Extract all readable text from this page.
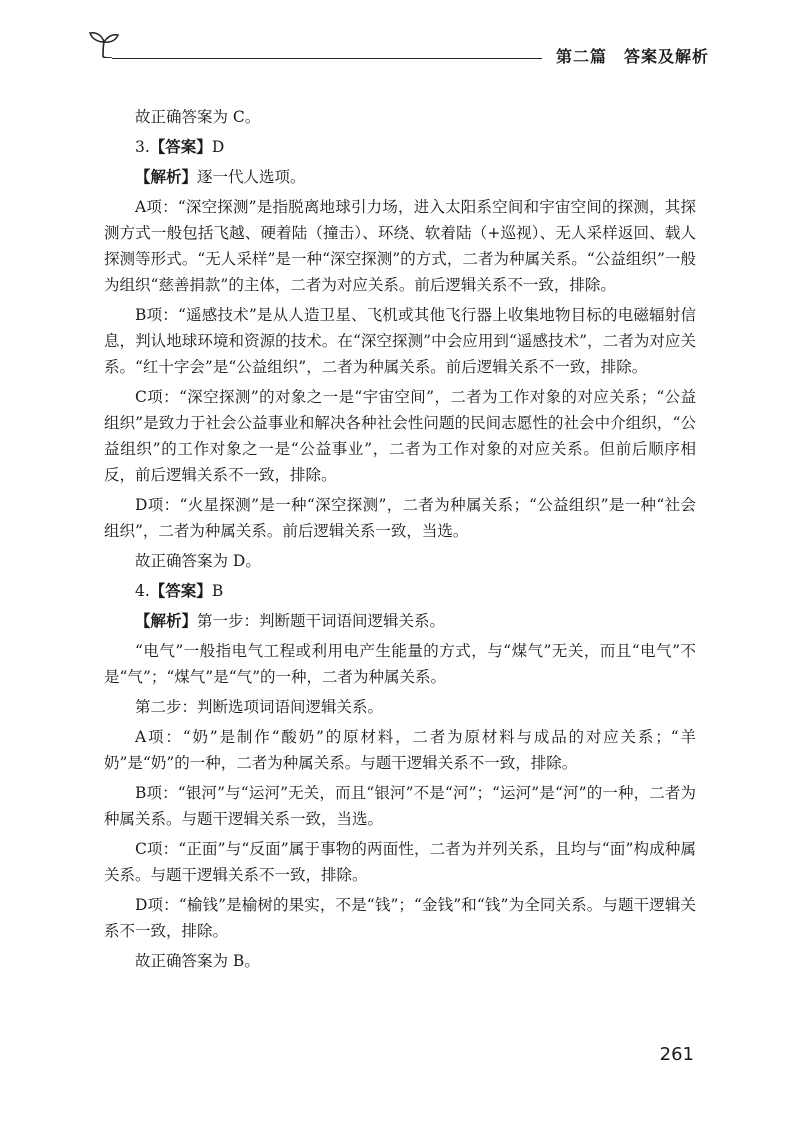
第二篇　答案及解析

故正确答案为 C。

3.【答案】D

【解析】逐一代人选项。

A项：“深空探测”是指脱离地球引力场，进入太阳系空间和宇宙空间的探测，其探测方式一般包括飞越、硬着陆（撞击）、环绕、软着陆（+巡视）、无人采样返回、载人探测等形式。“无人采样”是一种“深空探测”的方式，二者为种属关系。“公益组织”一般为组织“慈善捐款”的主体，二者为对应关系。前后逻辑关系不一致，排除。

B项：“遥感技术”是从人造卫星、飞机或其他飞行器上收集地物目标的电磁辐射信息，判认地球环境和资源的技术。在“深空探测”中会应用到“遥感技术”，二者为对应关系。“红十字会”是“公益组织”，二者为种属关系。前后逻辑关系不一致，排除。

C项：“深空探测”的对象之一是“宇宙空间”，二者为工作对象的对应关系；“公益组织”是致力于社会公益事业和解决各种社会性问题的民间志愿性的社会中介组织，“公益组织”的工作对象之一是“公益事业”，二者为工作对象的对应关系。但前后顺序相反，前后逻辑关系不一致，排除。

D项：“火星探测”是一种“深空探测”，二者为种属关系；“公益组织”是一种“社会组织”，二者为种属关系。前后逻辑关系一致，当选。

故正确答案为 D。

4.【答案】B

【解析】第一步：判断题干词语间逻辑关系。

“电气”一般指电气工程或利用电产生能量的方式，与“煤气”无关，而且“电气”不是“气”；“煤气”是“气”的一种，二者为种属关系。

第二步：判断选项词语间逻辑关系。

A项：“奶”是制作“酸奶”的原材料，二者为原材料与成品的对应关系；“羊奶”是“奶”的一种，二者为种属关系。与题干逻辑关系不一致，排除。

B项：“银河”与“运河”无关，而且“银河”不是“河”；“运河”是“河”的一种，二者为种属关系。与题干逻辑关系一致，当选。

C项：“正面”与“反面”属于事物的两面性，二者为并列关系，且均与“面”构成种属关系。与题干逻辑关系不一致，排除。

D项：“榆钱”是榆树的果实，不是“钱”；“金钱”和“钱”为全同关系。与题干逻辑关系不一致，排除。

故正确答案为 B。

261
